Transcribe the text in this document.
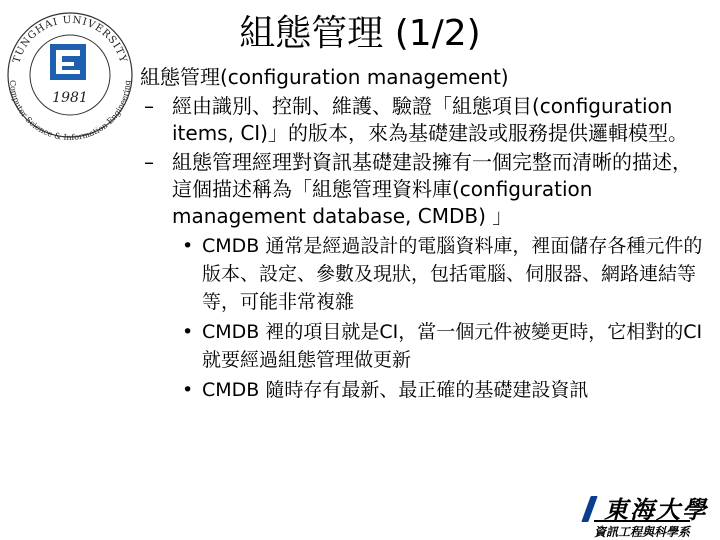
TUNGHAI UNIVERSITY
Computer Science & Information Engineering
1981
組態管理 (1/2)
組態管理(configuration management)
– 經由識別、控制、維護、驗證「組態項目(configuration items, CI)」的版本，來為基礎建設或服務提供邏輯模型。
– 組態管理經理對資訊基礎建設擁有一個完整而清晰的描述，這個描述稱為「組態管理資料庫(configuration management database, CMDB) 」
• CMDB 通常是經過設計的電腦資料庫，裡面儲存各種元件的版本、設定、參數及現狀，包括電腦、伺服器、網路連結等等，可能非常複雜
• CMDB 裡的項目就是CI，當一個元件被變更時，它相對的CI 就要經過組態管理做更新
• CMDB 隨時存有最新、最正確的基礎建設資訊
東海大學
資訊工程與科學系
